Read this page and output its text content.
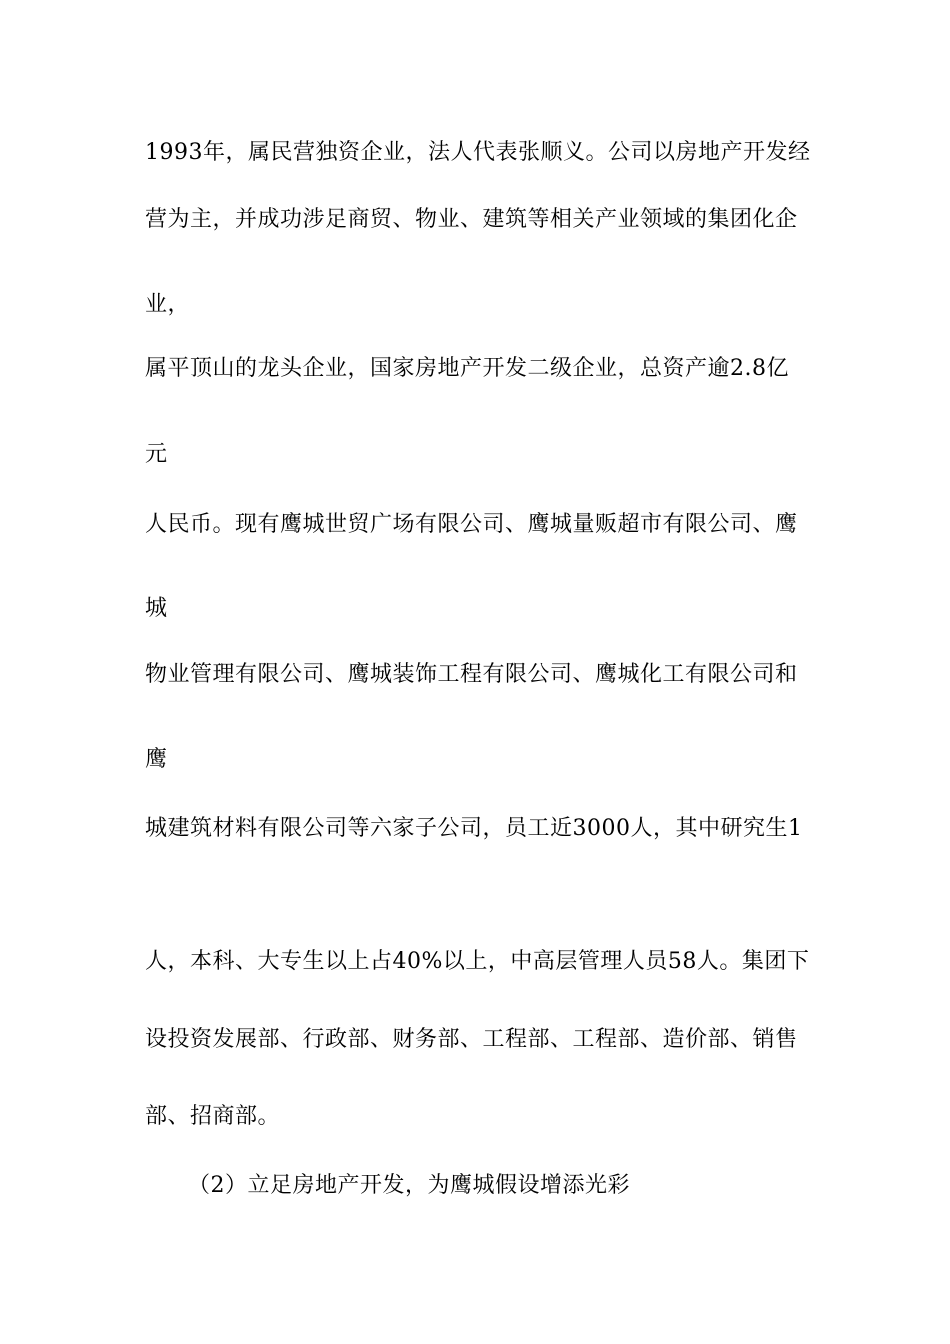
1993年，属民营独资企业，法人代表张顺义。公司以房地产开发经
营为主，并成功涉足商贸、物业、建筑等相关产业领域的集团化企
业，
属平顶山的龙头企业，国家房地产开发二级企业，总资产逾2.8亿
元
人民币。现有鹰城世贸广场有限公司、鹰城量贩超市有限公司、鹰
城
物业管理有限公司、鹰城装饰工程有限公司、鹰城化工有限公司和
鹰
城建筑材料有限公司等六家子公司，员工近3000人，其中研究生1
人，本科、大专生以上占40%以上，中高层管理人员58人。集团下
设投资发展部、行政部、财务部、工程部、工程部、造价部、销售
部、招商部。
（2）立足房地产开发，为鹰城假设增添光彩
